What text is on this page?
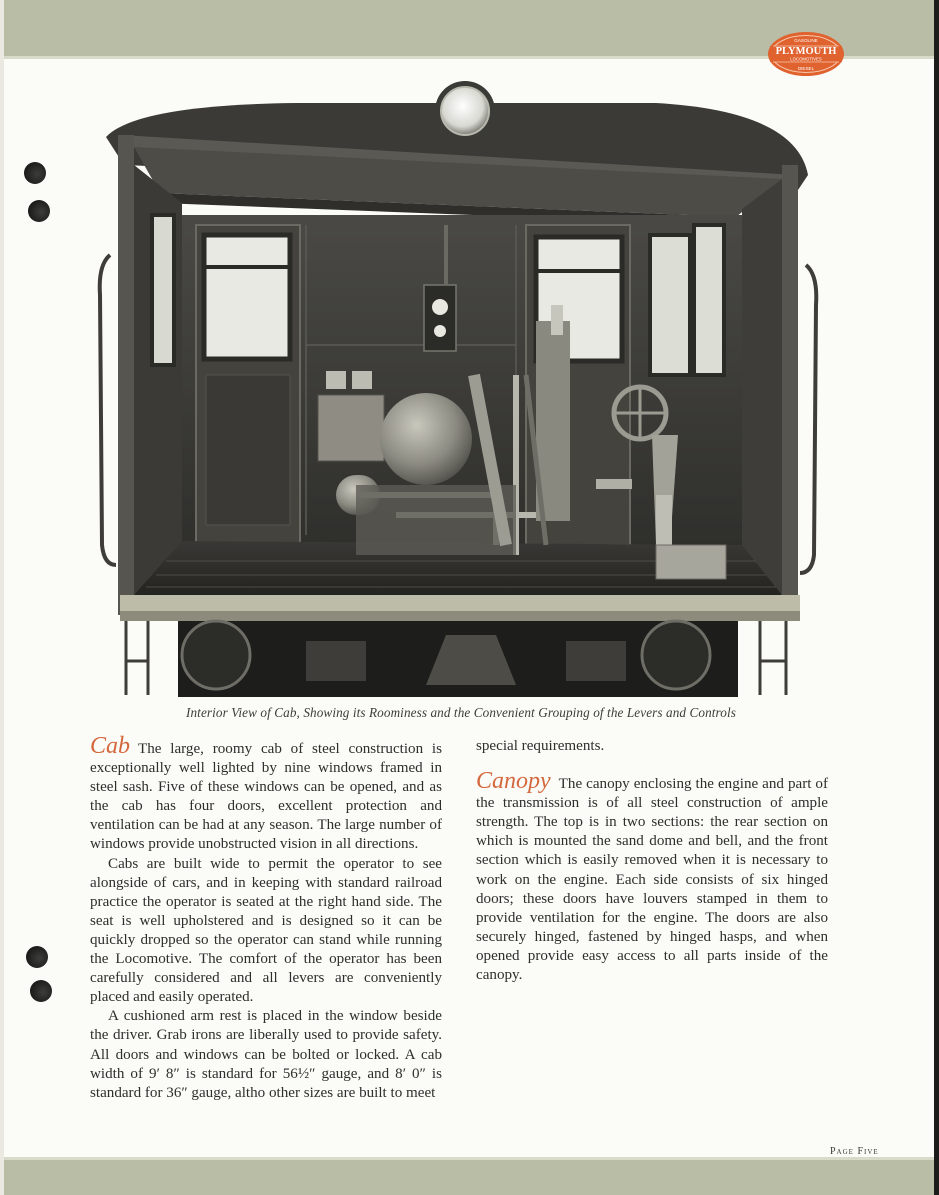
GASOLINE
PLYMOUTH
LOCOMOTIVES
DIESEL
Interior View of Cab, Showing its Roominess and the Convenient Grouping of the Levers and Controls

Cab The large, roomy cab of steel construction is exceptionally well lighted by nine windows framed in steel sash. Five of these windows can be opened, and as the cab has four doors, excellent protection and ventilation can be had at any season. The large number of windows provide unobstructed vision in all directions.

Cabs are built wide to permit the operator to see alongside of cars, and in keeping with standard railroad practice the operator is seated at the right hand side. The seat is well upholstered and is designed so it can be quickly dropped so the operator can stand while running the Locomotive. The comfort of the operator has been carefully considered and all levers are conveniently placed and easily operated.

A cushioned arm rest is placed in the window beside the driver. Grab irons are liberally used to provide safety. All doors and windows can be bolted or locked. A cab width of 9′ 8″ is standard for 56½″ gauge, and 8′ 0″ is standard for 36″ gauge, altho other sizes are built to meet

special requirements.

Canopy The canopy enclosing the engine and part of the transmission is of all steel construction of ample strength. The top is in two sections: the rear section on which is mounted the sand dome and bell, and the front section which is easily removed when it is necessary to work on the engine. Each side consists of six hinged doors; these doors have louvers stamped in them to provide ventilation for the engine. The doors are also securely hinged, fastened by hinged hasps, and when opened provide easy access to all parts inside of the canopy.

Page Five
